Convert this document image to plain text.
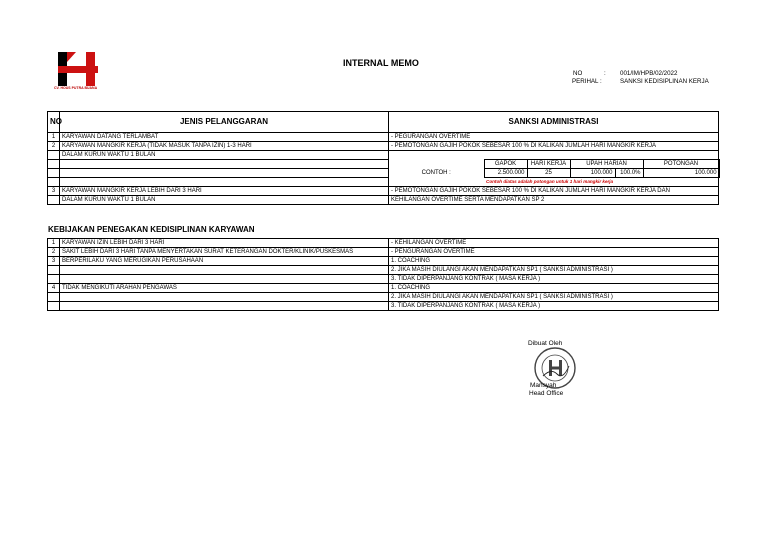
CV. HOUS PUTRA BUANA
INTERNAL MEMO
NO	: 001/IM/HPB/02/2022
PERIHAL :	SANKSI KEDISIPLINAN KERJA
NO	JENIS PELANGGARAN	SANKSI ADMINISTRASI
1	KARYAWAN DATANG TERLAMBAT	- PEGURANGAN OVERTIME
2	KARYAWAN MANGKIR KERJA (TIDAK MASUK TANPA IZIN) 1-3 HARI	- PEMOTONGAN GAJIH POKOK SEBESAR 100 % DI KALIKAN JUMLAH HARI MANGKIR KERJA
	DALAM KURUN WAKTU 1 BULAN	

	GAPOK	HARI KERJA	UPAH HARIAN	POTONGAN
CONTOH :	2.500.000	25	100.000	100.0%	100.000
	Contoh diatas adalah potongan untuk 1 hari mangkir kerja

3	KARYAWAN MANGKIR KERJA LEBIH DARI 3 HARI	- PEMOTONGAN GAJIH POKOK SEBESAR 100 % DI KALIKAN JUMLAH HARI MANGKIR KERJA DAN
	DALAM KURUN WAKTU 1 BULAN	KEHILANGAN OVERTIME SERTA MENDAPATKAN SP 2
KEBIJAKAN PENEGAKAN KEDISIPLINAN KARYAWAN
1	KARYAWAN IZIN LEBIH DARI 3 HARI	- KEHILANGAN OVERTIME
2	SAKIT LEBIH DARI 3 HARI TANPA MENYERTAKAN SURAT KETERANGAN DOKTER/KLINIK/PUSKESMAS	- PENGURANGAN OVERTIME
3	BERPERILAKU YANG MERUGIKAN PERUSAHAAN	1. COACHING
		2. JIKA MASIH DIULANGI AKAN MENDAPATKAN SP1 ( SANKSI ADMINISTRASI )
		3. TIDAK DIPERPANJANG KONTRAK ( MASA KERJA )
4	TIDAK MENGIKUTI ARAHAN PENGAWAS	1. COACHING
		2. JIKA MASIH DIULANGI AKAN MENDAPATKAN SP1 ( SANKSI ADMINISTRASI )
		3. TIDAK DIPERPANJANG KONTRAK ( MASA KERJA )
Dibuat Oleh
Mansyah
Head Office
